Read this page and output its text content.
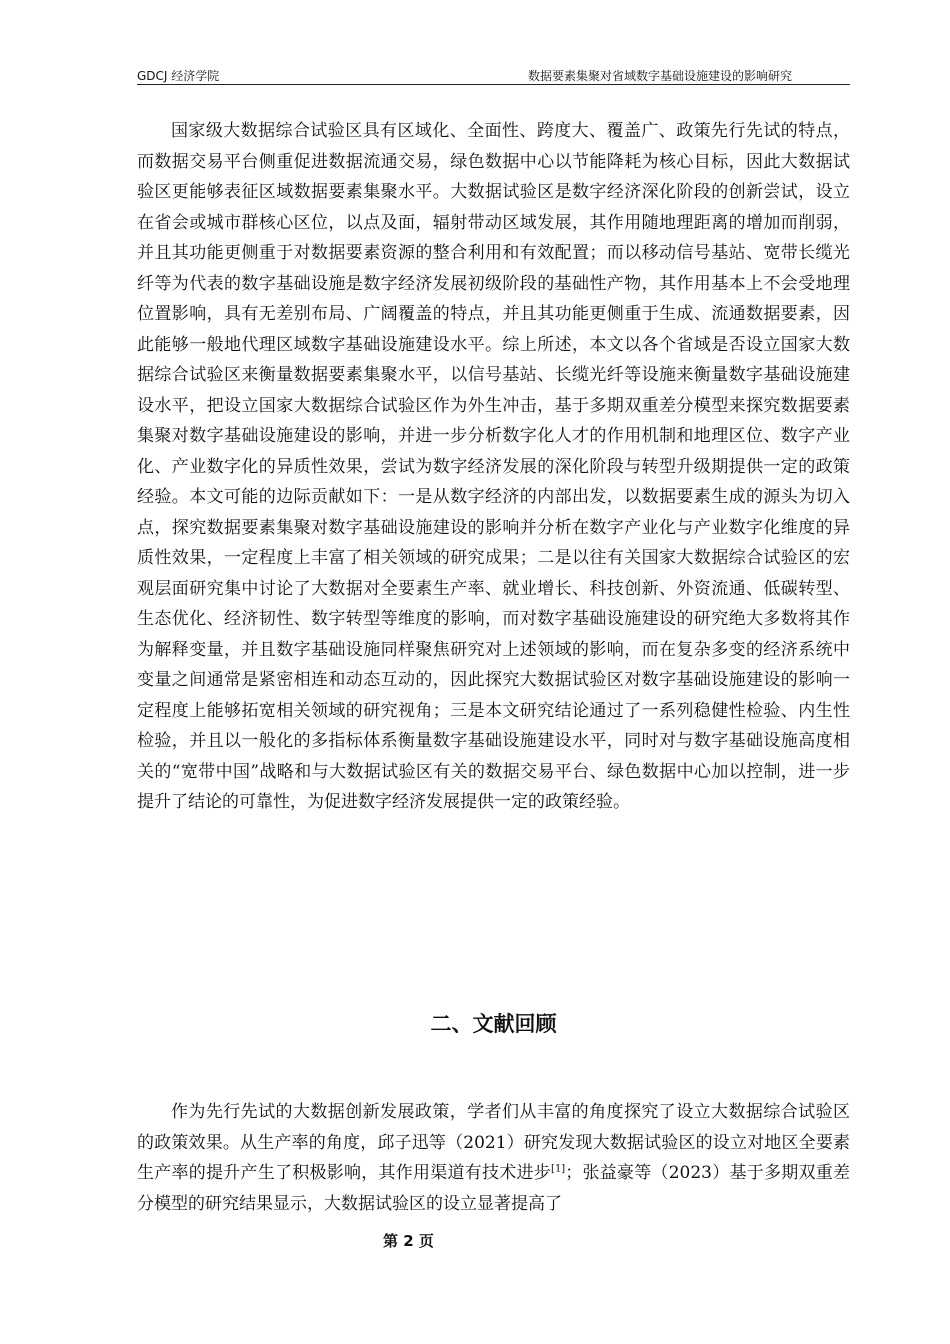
GDCJ 经济学院	数据要素集聚对省域数字基础设施建设的影响研究

国家级大数据综合试验区具有区域化、全面性、跨度大、覆盖广、政策先行先试的特点，而数据交易平台侧重促进数据流通交易，绿色数据中心以节能降耗为核心目标，因此大数据试验区更能够表征区域数据要素集聚水平。大数据试验区是数字经济深化阶段的创新尝试，设立在省会或城市群核心区位，以点及面，辐射带动区域发展，其作用随地理距离的增加而削弱，并且其功能更侧重于对数据要素资源的整合利用和有效配置；而以移动信号基站、宽带长缆光纤等为代表的数字基础设施是数字经济发展初级阶段的基础性产物，其作用基本上不会受地理位置影响，具有无差别布局、广阔覆盖的特点，并且其功能更侧重于生成、流通数据要素，因此能够一般地代理区域数字基础设施建设水平。综上所述，本文以各个省域是否设立国家大数据综合试验区来衡量数据要素集聚水平，以信号基站、长缆光纤等设施来衡量数字基础设施建设水平，把设立国家大数据综合试验区作为外生冲击，基于多期双重差分模型来探究数据要素集聚对数字基础设施建设的影响，并进一步分析数字化人才的作用机制和地理区位、数字产业化、产业数字化的异质性效果，尝试为数字经济发展的深化阶段与转型升级期提供一定的政策经验。本文可能的边际贡献如下：一是从数字经济的内部出发，以数据要素生成的源头为切入点，探究数据要素集聚对数字基础设施建设的影响并分析在数字产业化与产业数字化维度的异质性效果，一定程度上丰富了相关领域的研究成果；二是以往有关国家大数据综合试验区的宏观层面研究集中讨论了大数据对全要素生产率、就业增长、科技创新、外资流通、低碳转型、生态优化、经济韧性、数字转型等维度的影响，而对数字基础设施建设的研究绝大多数将其作为解释变量，并且数字基础设施同样聚焦研究对上述领域的影响，而在复杂多变的经济系统中变量之间通常是紧密相连和动态互动的，因此探究大数据试验区对数字基础设施建设的影响一定程度上能够拓宽相关领域的研究视角；三是本文研究结论通过了一系列稳健性检验、内生性检验，并且以一般化的多指标体系衡量数字基础设施建设水平，同时对与数字基础设施高度相关的“宽带中国”战略和与大数据试验区有关的数据交易平台、绿色数据中心加以控制，进一步提升了结论的可靠性，为促进数字经济发展提供一定的政策经验。

二、文献回顾

作为先行先试的大数据创新发展政策，学者们从丰富的角度探究了设立大数据综合试验区的政策效果。从生产率的角度，邱子迅等（2021）研究发现大数据试验区的设立对地区全要素生产率的提升产生了积极影响，其作用渠道有技术进步[1]；张益豪等（2023）基于多期双重差分模型的研究结果显示，大数据试验区的设立显著提高了

第 2 页
